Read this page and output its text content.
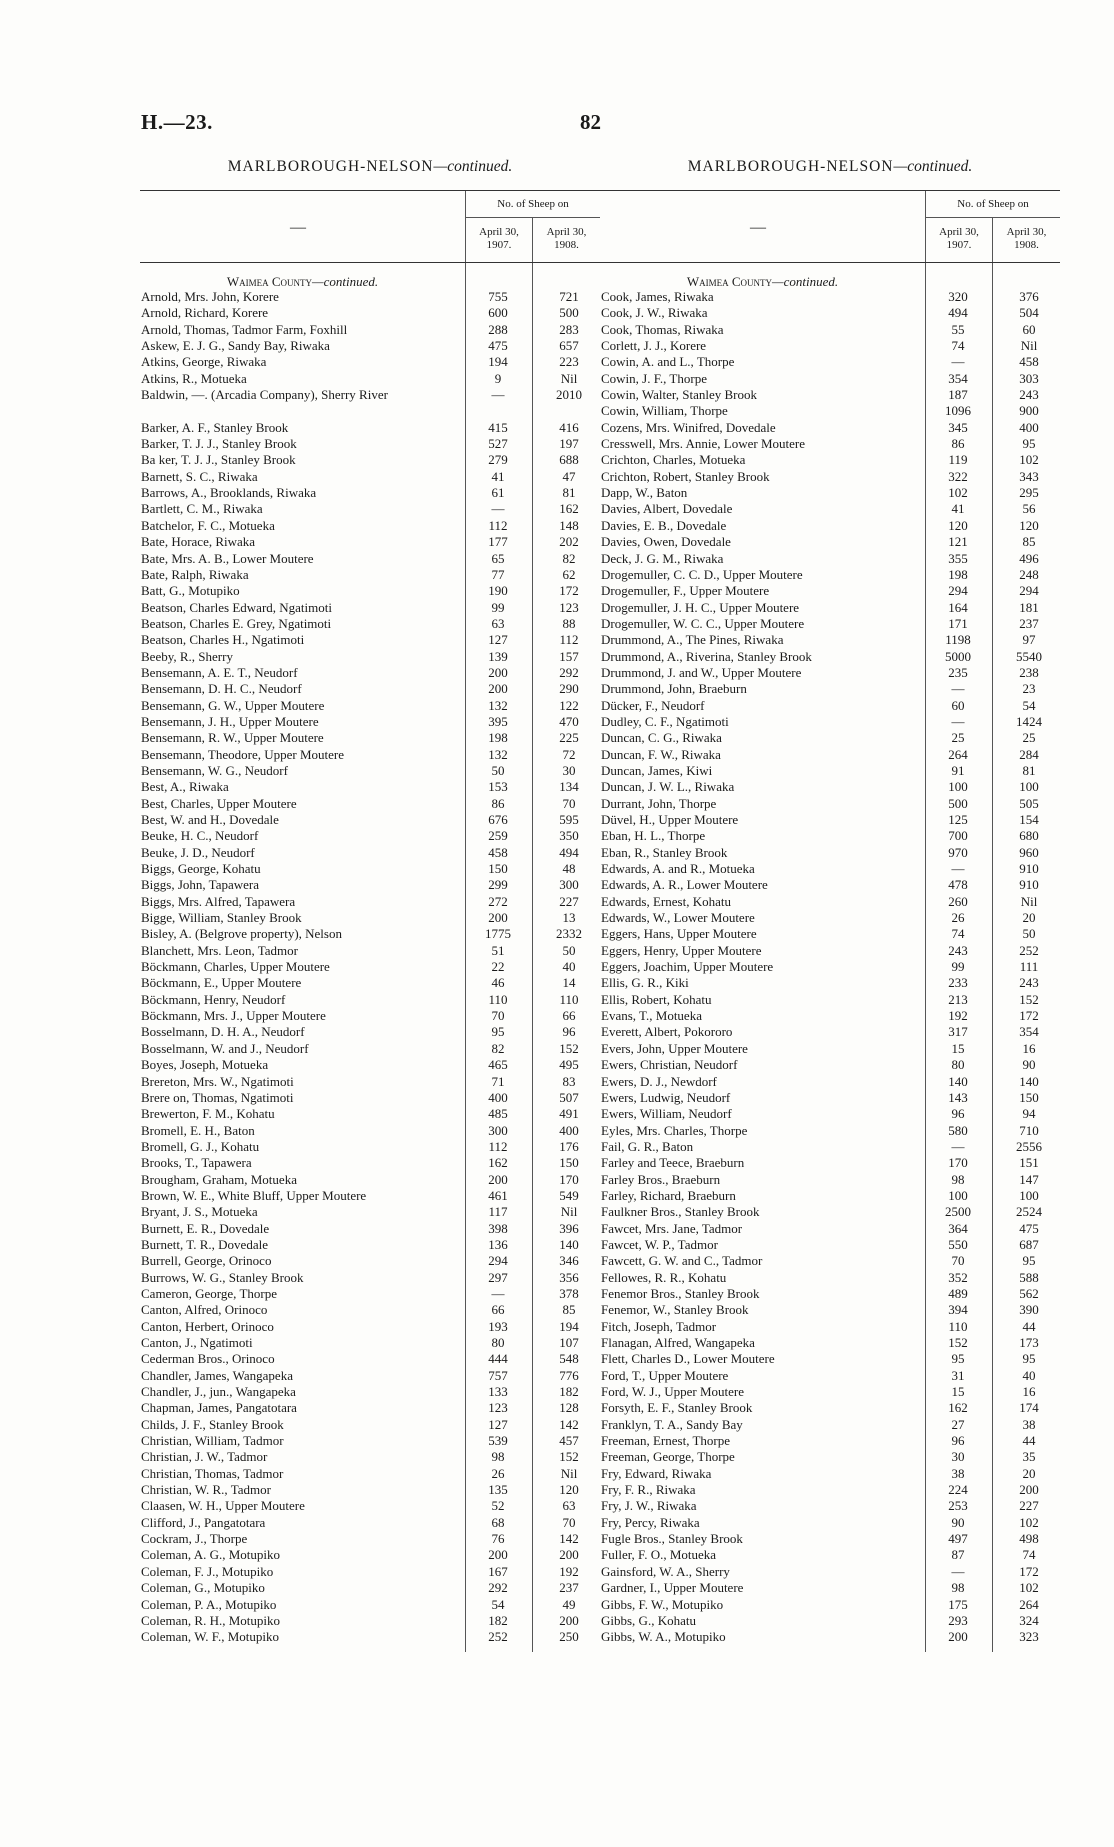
H.—23.	82
MARLBOROUGH-NELSON—continued.
—
No. of Sheep on
April 30, 1907.
April 30, 1908.
Waimea County—continued.
Arnold, Mrs. John, Korere	755	721
Arnold, Richard, Korere	600	500
Arnold, Thomas, Tadmor Farm, Foxhill	288	283
Askew, E. J. G., Sandy Bay, Riwaka	475	657
Atkins, George, Riwaka	194	223
Atkins, R., Motueka	9	Nil
Baldwin, —. (Arcadia Company), Sherry River	—	2010
Barker, A. F., Stanley Brook	415	416
Barker, T. J. J., Stanley Brook	527	197
Ba ker, T. J. J., Stanley Brook	279	688
Barnett, S. C., Riwaka	41	47
Barrows, A., Brooklands, Riwaka	61	81
Bartlett, C. M., Riwaka	—	162
Batchelor, F. C., Motueka	112	148
Bate, Horace, Riwaka	177	202
Bate, Mrs. A. B., Lower Moutere	65	82
Bate, Ralph, Riwaka	77	62
Batt, G., Motupiko	190	172
Beatson, Charles Edward, Ngatimoti	99	123
Beatson, Charles E. Grey, Ngatimoti	63	88
Beatson, Charles H., Ngatimoti	127	112
Beeby, R., Sherry	139	157
Bensemann, A. E. T., Neudorf	200	292
Bensemann, D. H. C., Neudorf	200	290
Bensemann, G. W., Upper Moutere	132	122
Bensemann, J. H., Upper Moutere	395	470
Bensemann, R. W., Upper Moutere	198	225
Bensemann, Theodore, Upper Moutere	132	72
Bensemann, W. G., Neudorf	50	30
Best, A., Riwaka	153	134
Best, Charles, Upper Moutere	86	70
Best, W. and H., Dovedale	676	595
Beuke, H. C., Neudorf	259	350
Beuke, J. D., Neudorf	458	494
Biggs, George, Kohatu	150	48
Biggs, John, Tapawera	299	300
Biggs, Mrs. Alfred, Tapawera	272	227
Bigge, William, Stanley Brook	200	13
Bisley, A. (Belgrove property), Nelson	1775	2332
Blanchett, Mrs. Leon, Tadmor	51	50
Böckmann, Charles, Upper Moutere	22	40
Böckmann, E., Upper Moutere	46	14
Böckmann, Henry, Neudorf	110	110
Böckmann, Mrs. J., Upper Moutere	70	66
Bosselmann, D. H. A., Neudorf	95	96
Bosselmann, W. and J., Neudorf	82	152
Boyes, Joseph, Motueka	465	495
Brereton, Mrs. W., Ngatimoti	71	83
Brere on, Thomas, Ngatimoti	400	507
Brewerton, F. M., Kohatu	485	491
Bromell, E. H., Baton	300	400
Bromell, G. J., Kohatu	112	176
Brooks, T., Tapawera	162	150
Brougham, Graham, Motueka	200	170
Brown, W. E., White Bluff, Upper Moutere	461	549
Bryant, J. S., Motueka	117	Nil
Burnett, E. R., Dovedale	398	396
Burnett, T. R., Dovedale	136	140
Burrell, George, Orinoco	294	346
Burrows, W. G., Stanley Brook	297	356
Cameron, George, Thorpe	—	378
Canton, Alfred, Orinoco	66	85
Canton, Herbert, Orinoco	193	194
Canton, J., Ngatimoti	80	107
Cederman Bros., Orinoco	444	548
Chandler, James, Wangapeka	757	776
Chandler, J., jun., Wangapeka	133	182
Chapman, James, Pangatotara	123	128
Childs, J. F., Stanley Brook	127	142
Christian, William, Tadmor	539	457
Christian, J. W., Tadmor	98	152
Christian, Thomas, Tadmor	26	Nil
Christian, W. R., Tadmor	135	120
Claasen, W. H., Upper Moutere	52	63
Clifford, J., Pangatotara	68	70
Cockram, J., Thorpe	76	142
Coleman, A. G., Motupiko	200	200
Coleman, F. J., Motupiko	167	192
Coleman, G., Motupiko	292	237
Coleman, P. A., Motupiko	54	49
Coleman, R. H., Motupiko	182	200
Coleman, W. F., Motupiko	252	250
MARLBOROUGH-NELSON—continued.
—
No. of Sheep on
April 30, 1907.
April 30, 1908.
Waimea County—continued.
Cook, James, Riwaka	320	376
Cook, J. W., Riwaka	494	504
Cook, Thomas, Riwaka	55	60
Corlett, J. J., Korere	74	Nil
Cowin, A. and L., Thorpe	—	458
Cowin, J. F., Thorpe	354	303
Cowin, Walter, Stanley Brook	187	243
Cowin, William, Thorpe	1096	900
Cozens, Mrs. Winifred, Dovedale	345	400
Cresswell, Mrs. Annie, Lower Moutere	86	95
Crichton, Charles, Motueka	119	102
Crichton, Robert, Stanley Brook	322	343
Dapp, W., Baton	102	295
Davies, Albert, Dovedale	41	56
Davies, E. B., Dovedale	120	120
Davies, Owen, Dovedale	121	85
Deck, J. G. M., Riwaka	355	496
Drogemuller, C. C. D., Upper Moutere	198	248
Drogemuller, F., Upper Moutere	294	294
Drogemuller, J. H. C., Upper Moutere	164	181
Drogemuller, W. C. C., Upper Moutere	171	237
Drummond, A., The Pines, Riwaka	1198	97
Drummond, A., Riverina, Stanley Brook	5000	5540
Drummond, J. and W., Upper Moutere	235	238
Drummond, John, Braeburn	—	23
Dücker, F., Neudorf	60	54
Dudley, C. F., Ngatimoti	—	1424
Duncan, C. G., Riwaka	25	25
Duncan, F. W., Riwaka	264	284
Duncan, James, Kiwi	91	81
Duncan, J. W. L., Riwaka	100	100
Durrant, John, Thorpe	500	505
Düvel, H., Upper Moutere	125	154
Eban, H. L., Thorpe	700	680
Eban, R., Stanley Brook	970	960
Edwards, A. and R., Motueka	—	910
Edwards, A. R., Lower Moutere	478	910
Edwards, Ernest, Kohatu	260	Nil
Edwards, W., Lower Moutere	26	20
Eggers, Hans, Upper Moutere	74	50
Eggers, Henry, Upper Moutere	243	252
Eggers, Joachim, Upper Moutere	99	111
Ellis, G. R., Kiki	233	243
Ellis, Robert, Kohatu	213	152
Evans, T., Motueka	192	172
Everett, Albert, Pokororo	317	354
Evers, John, Upper Moutere	15	16
Ewers, Christian, Neudorf	80	90
Ewers, D. J., Newdorf	140	140
Ewers, Ludwig, Neudorf	143	150
Ewers, William, Neudorf	96	94
Eyles, Mrs. Charles, Thorpe	580	710
Fail, G. R., Baton	—	2556
Farley and Teece, Braeburn	170	151
Farley Bros., Braeburn	98	147
Farley, Richard, Braeburn	100	100
Faulkner Bros., Stanley Brook	2500	2524
Fawcet, Mrs. Jane, Tadmor	364	475
Fawcet, W. P., Tadmor	550	687
Fawcett, G. W. and C., Tadmor	70	95
Fellowes, R. R., Kohatu	352	588
Fenemor Bros., Stanley Brook	489	562
Fenemor, W., Stanley Brook	394	390
Fitch, Joseph, Tadmor	110	44
Flanagan, Alfred, Wangapeka	152	173
Flett, Charles D., Lower Moutere	95	95
Ford, T., Upper Moutere	31	40
Ford, W. J., Upper Moutere	15	16
Forsyth, E. F., Stanley Brook	162	174
Franklyn, T. A., Sandy Bay	27	38
Freeman, Ernest, Thorpe	96	44
Freeman, George, Thorpe	30	35
Fry, Edward, Riwaka	38	20
Fry, F. R., Riwaka	224	200
Fry, J. W., Riwaka	253	227
Fry, Percy, Riwaka	90	102
Fugle Bros., Stanley Brook	497	498
Fuller, F. O., Motueka	87	74
Gainsford, W. A., Sherry	—	172
Gardner, I., Upper Moutere	98	102
Gibbs, F. W., Motupiko	175	264
Gibbs, G., Kohatu	293	324
Gibbs, W. A., Motupiko	200	323
